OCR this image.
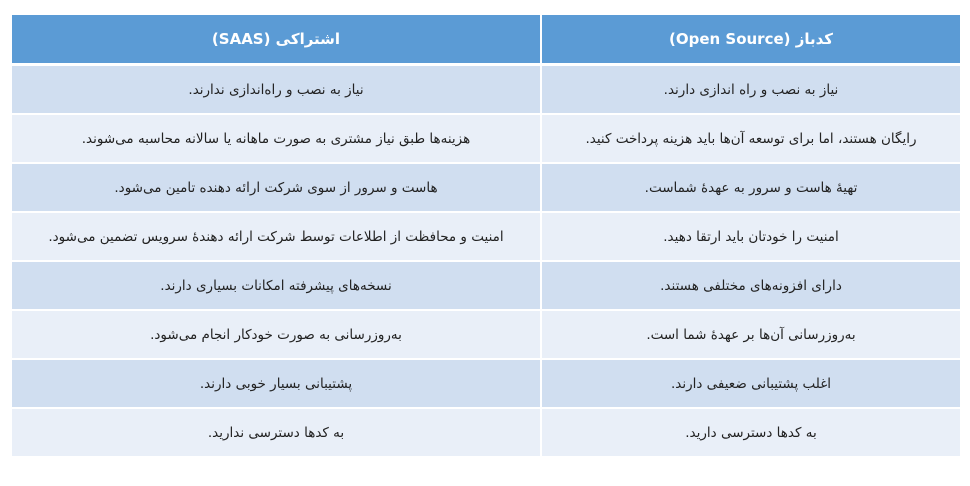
اشتراکی (SAAS)	کدباز (Open Source)
نیاز به نصب و راه‌اندازی ندارند.	نیاز به نصب و راه اندازی دارند.
هزینه‌ها طبق نیاز مشتری به صورت ماهانه یا سالانه محاسبه می‌شوند.	رایگان هستند، اما برای توسعه آن‌ها باید هزینه پرداخت کنید.
هاست و سرور از سوی شرکت ارائه دهنده تامین می‌شود.	تهیهٔ هاست و سرور به عهدهٔ شماست.
امنیت و محافظت از اطلاعات توسط شرکت ارائه دهندهٔ سرویس تضمین می‌شود.	امنیت را خودتان باید ارتقا دهید.
نسخه‌های پیشرفته امکانات بسیاری دارند.	دارای افزونه‌های مختلفی هستند.
به‌روزرسانی به صورت خودکار انجام می‌شود.	به‌روزرسانی آن‌ها بر عهدهٔ شما است.
پشتیبانی بسیار خوبی دارند.	اغلب پشتیبانی ضعیفی دارند.
به کدها دسترسی ندارید.	به کدها دسترسی دارید.
